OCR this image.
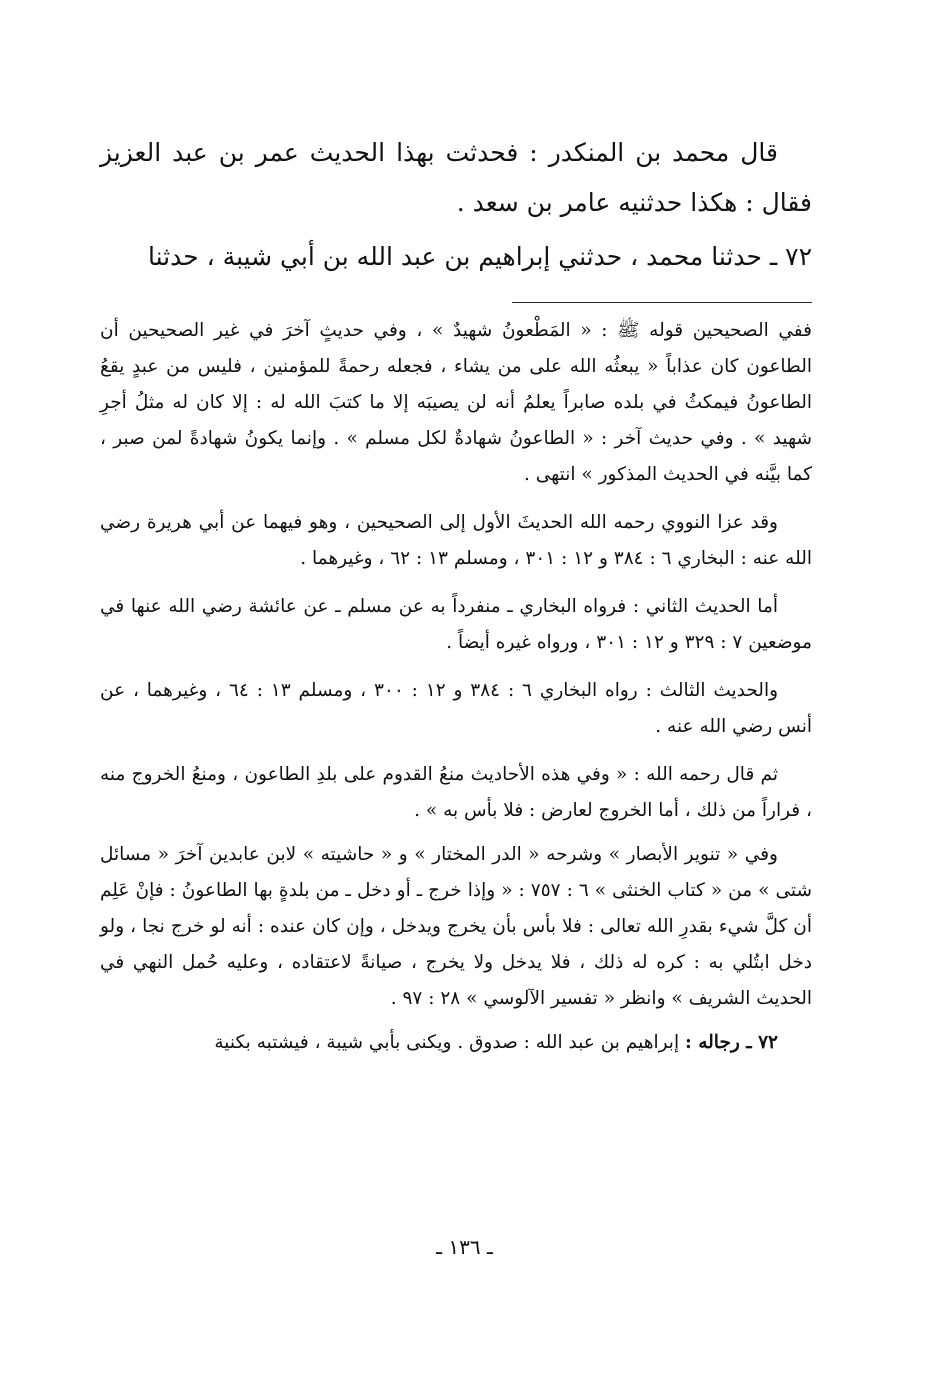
قال محمد بن المنكدر : فحدثت بهذا الحديث عمر بن عبد العزيز فقال : هكذا حدثنيه عامر بن سعد .

٧٢ ـ حدثنا محمد ، حدثني إبراهيم بن عبد الله بن أبي شيبة ، حدثنا

ففي الصحيحين قوله ﷺ : « المَطْعونُ شهيدٌ » ، وفي حديثٍ آخرَ في غير الصحيحين أن الطاعون كان عذاباً « يبعثُه الله على من يشاء ، فجعله رحمةً للمؤمنين ، فليس من عبدٍ يقعُ الطاعونُ فيمكثُ في بلده صابراً يعلمُ أنه لن يصيبَه إلا ما كتبَ الله له : إلا كان له مثلُ أجرِ شهيد » . وفي حديث آخر : « الطاعونُ شهادةٌ لكل مسلم » . وإنما يكونُ شهادةً لمن صبر ، كما بيَّنه في الحديث المذكور » انتهى .

وقد عزا النووي رحمه الله الحديثَ الأول إلى الصحيحين ، وهو فيهما عن أبي هريرة رضي الله عنه : البخاري ٦ : ٣٨٤ و ١٢ : ٣٠١ ، ومسلم ١٣ : ٦٢ ، وغيرهما .

أما الحديث الثاني : فرواه البخاري ـ منفرداً به عن مسلم ـ عن عائشة رضي الله عنها في موضعين ٧ : ٣٢٩ و ١٢ : ٣٠١ ، ورواه غيره أيضاً .

والحديث الثالث : رواه البخاري ٦ : ٣٨٤ و ١٢ : ٣٠٠ ، ومسلم ١٣ : ٦٤ ، وغيرهما ، عن أنس رضي الله عنه .

ثم قال رحمه الله : « وفي هذه الأحاديث منعُ القدوم على بلدِ الطاعون ، ومنعُ الخروج منه ، فراراً من ذلك ، أما الخروج لعارض : فلا بأس به » .

وفي « تنوير الأبصار » وشرحه « الدر المختار » و « حاشيته » لابن عابدين آخرَ « مسائل شتى » من « كتاب الخنثى » ٦ : ٧٥٧ : « وإذا خرج ـ أو دخل ـ من بلدةٍ بها الطاعونُ : فإنْ عَلِم أن كلَّ شيء بقدرِ الله تعالى : فلا بأس بأن يخرج ويدخل ، وإن كان عنده : أنه لو خرج نجا ، ولو دخل ابتُلي به : كره له ذلك ، فلا يدخل ولا يخرج ، صيانةً لاعتقاده ، وعليه حُمل النهي في الحديث الشريف » وانظر « تفسير الآلوسي » ٢٨ : ٩٧ .

٧٢ ـ رجاله : إبراهيم بن عبد الله : صدوق . ويكنى بأبي شيبة ، فيشتبه بكنية

ـ ١٣٦ ـ
